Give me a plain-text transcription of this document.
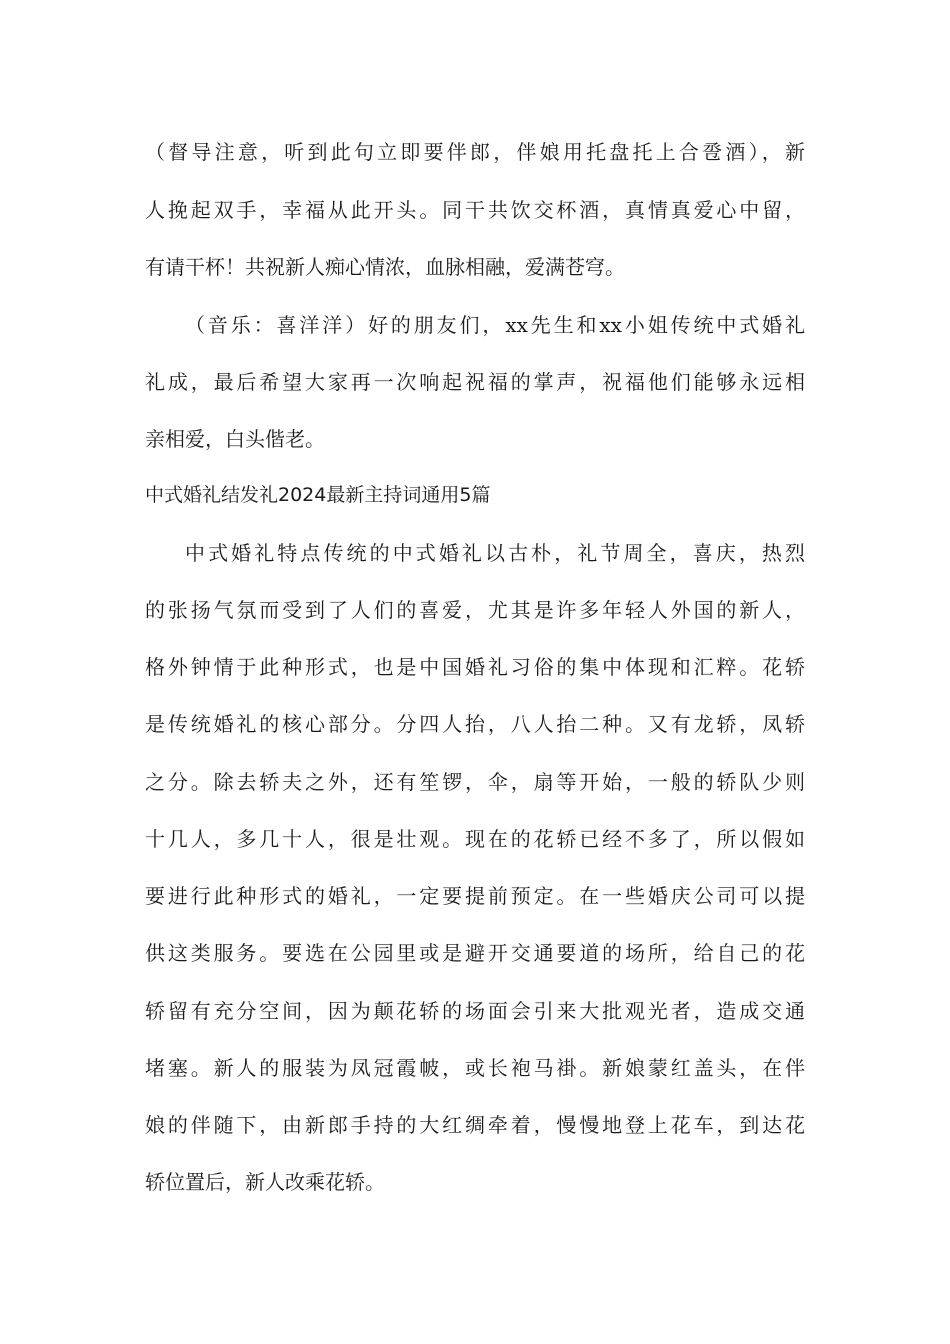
（督导注意，听到此句立即要伴郎，伴娘用托盘托上合卺酒），新
人挽起双手，幸福从此开头。同干共饮交杯酒，真情真爱心中留，
有请干杯！共祝新人痴心情浓，血脉相融，爱满苍穹。
（音乐：喜洋洋）好的朋友们，xx先生和xx小姐传统中式婚礼
礼成，最后希望大家再一次响起祝福的掌声，祝福他们能够永远相
亲相爱，白头偕老。
中式婚礼结发礼2024最新主持词通用5篇
中式婚礼特点传统的中式婚礼以古朴，礼节周全，喜庆，热烈
的张扬气氛而受到了人们的喜爱，尤其是许多年轻人外国的新人，
格外钟情于此种形式，也是中国婚礼习俗的集中体现和汇粹。花轿
是传统婚礼的核心部分。分四人抬，八人抬二种。又有龙轿，凤轿
之分。除去轿夫之外，还有笙锣，伞，扇等开始，一般的轿队少则
十几人，多几十人，很是壮观。现在的花轿已经不多了，所以假如
要进行此种形式的婚礼，一定要提前预定。在一些婚庆公司可以提
供这类服务。要选在公园里或是避开交通要道的场所，给自己的花
轿留有充分空间，因为颠花轿的场面会引来大批观光者，造成交通
堵塞。新人的服装为凤冠霞帔，或长袍马褂。新娘蒙红盖头，在伴
娘的伴随下，由新郎手持的大红绸牵着，慢慢地登上花车，到达花
轿位置后，新人改乘花轿。
